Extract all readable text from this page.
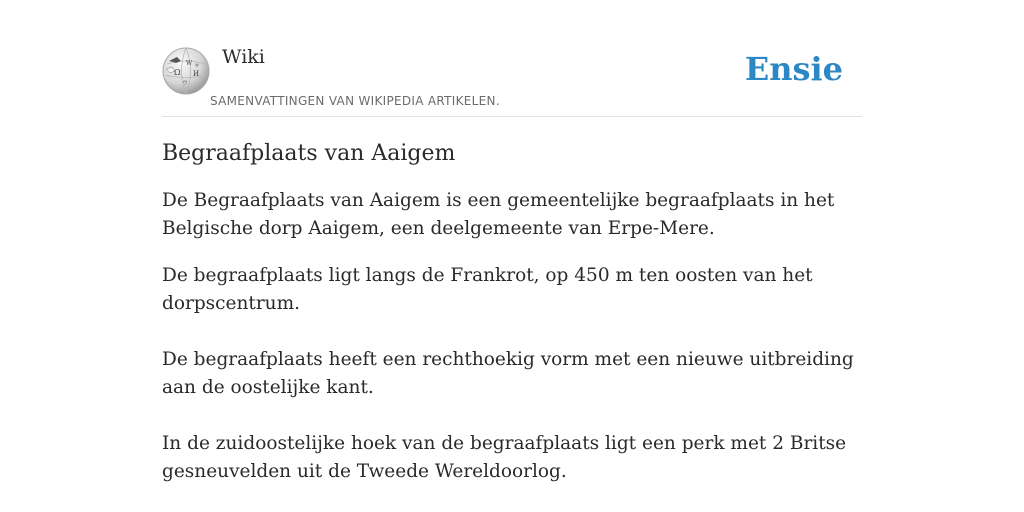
Ω
W
И
ウ
ψ Wiki
SAMENVATTINGEN VAN WIKIPEDIA ARTIKELEN.
Ensie
Begraafplaats van Aaigem

De Begraafplaats van Aaigem is een gemeentelijke begraafplaats in het Belgische dorp Aaigem, een deelgemeente van Erpe-Mere.

De begraafplaats ligt langs de Frankrot, op 450 m ten oosten van het dorpscentrum.

De begraafplaats heeft een rechthoekig vorm met een nieuwe uitbreiding aan de oostelijke kant.

In de zuidoostelijke hoek van de begraafplaats ligt een perk met 2 Britse gesneuvelden uit de Tweede Wereldoorlog.
